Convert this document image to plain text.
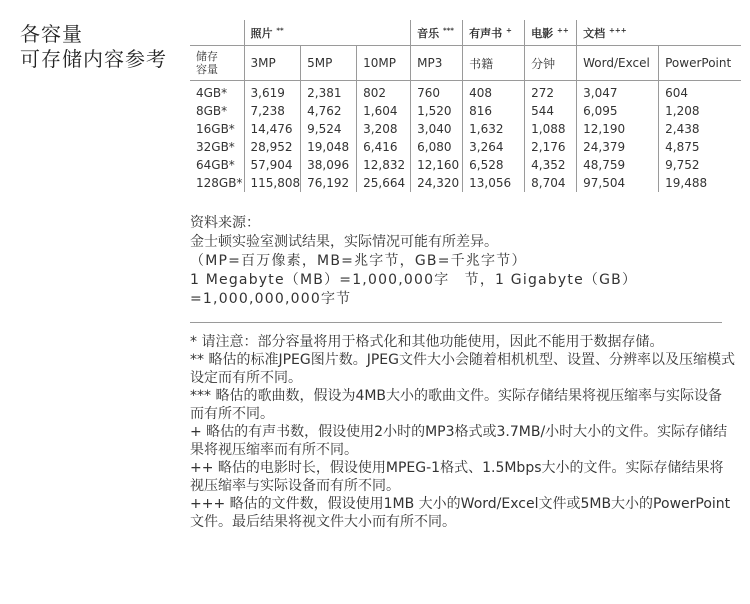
各容量
可存储内容参考
	照片 **			音乐 ***	有声书 +	电影 ++	文档 +++
储存
容量	3MP	5MP	10MP	MP3	书籍	分钟	Word/Excel	PowerPoint
4GB*	3,619	2,381	802	760	408	272	3,047	604
8GB*	7,238	4,762	1,604	1,520	816	544	6,095	1,208
16GB*	14,476	9,524	3,208	3,040	1,632	1,088	12,190	2,438
32GB*	28,952	19,048	6,416	6,080	3,264	2,176	24,379	4,875
64GB*	57,904	38,096	12,832	12,160	6,528	4,352	48,759	9,752
128GB*	115,808	76,192	25,664	24,320	13,056	8,704	97,504	19,488
资料来源：
金士顿实验室测试结果，实际情况可能有所差异。
（MP=百万像素，MB=兆字节，GB=千兆字节）
1 Megabyte（MB）=1,000,000字　节，1 Gigabyte（GB）
=1,000,000,000字节

* 请注意：部分容量将用于格式化和其他功能使用，因此不能用于数据存储。

** 略估的标准JPEG图片数。JPEG文件大小会随着相机机型、设置、分辨率以及压缩模式设定而有所不同。

*** 略估的歌曲数，假设为4MB大小的歌曲文件。实际存储结果将视压缩率与实际设备而有所不同。

+ 略估的有声书数，假设使用2小时的MP3格式或3.7MB/小时大小的文件。实际存储结果将视压缩率而有所不同。

++ 略估的电影时长，假设使用MPEG-1格式、1.5Mbps大小的文件。实际存储结果将视压缩率与实际设备而有所不同。

+++ 略估的文件数，假设使用1MB 大小的Word/Excel文件或5MB大小的PowerPoint文件。最后结果将视文件大小而有所不同。
